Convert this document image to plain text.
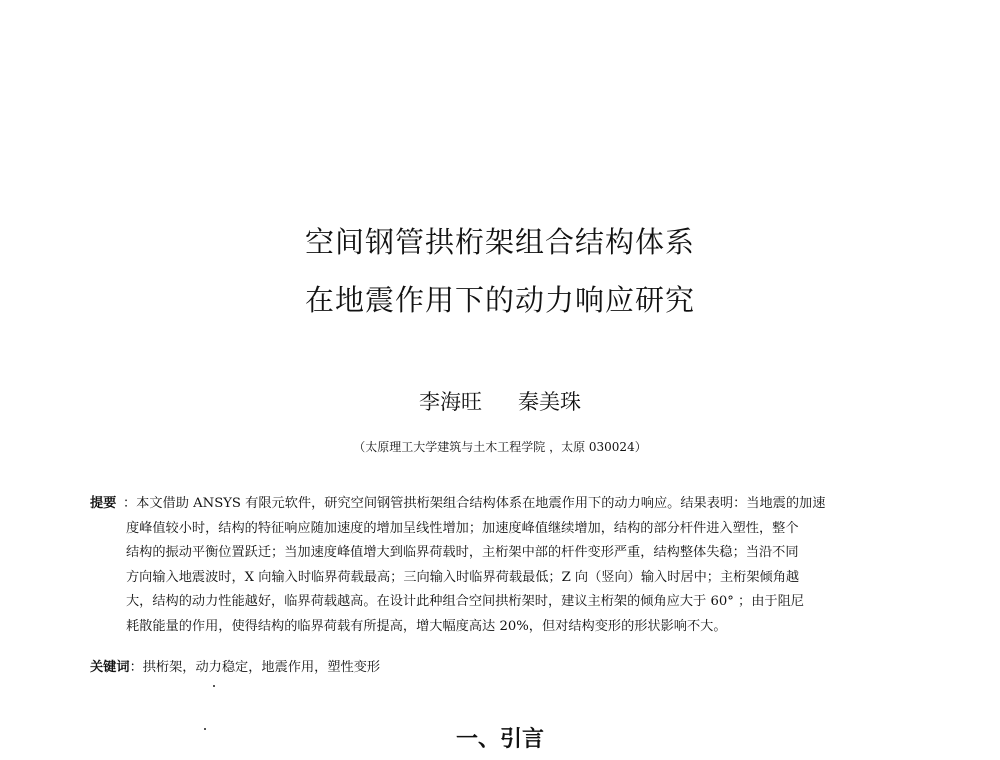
空间钢管拱桁架组合结构体系
在地震作用下的动力响应研究
李海旺 秦美珠
（太原理工大学建筑与土木工程学院 ，太原 030024）
提要 ：本文借助 ANSYS 有限元软件，研究空间钢管拱桁架组合结构体系在地震作用下的动力响应。结果表明：当地震的加速
度峰值较小时，结构的特征响应随加速度的增加呈线性增加；加速度峰值继续增加，结构的部分杆件进入塑性，整个
结构的振动平衡位置跃迁；当加速度峰值增大到临界荷载时，主桁架中部的杆件变形严重，结构整体失稳；当沿不同
方向输入地震波时，X 向输入时临界荷载最高；三向输入时临界荷载最低；Z 向（竖向）输入时居中；主桁架倾角越
大，结构的动力性能越好，临界荷载越高。在设计此种组合空间拱桁架时，建议主桁架的倾角应大于 60° ；由于阻尼
耗散能量的作用，使得结构的临界荷载有所提高，增大幅度高达 20%，但对结构变形的形状影响不大。
关键词：拱桁架，动力稳定，地震作用，塑性变形
一、引言
